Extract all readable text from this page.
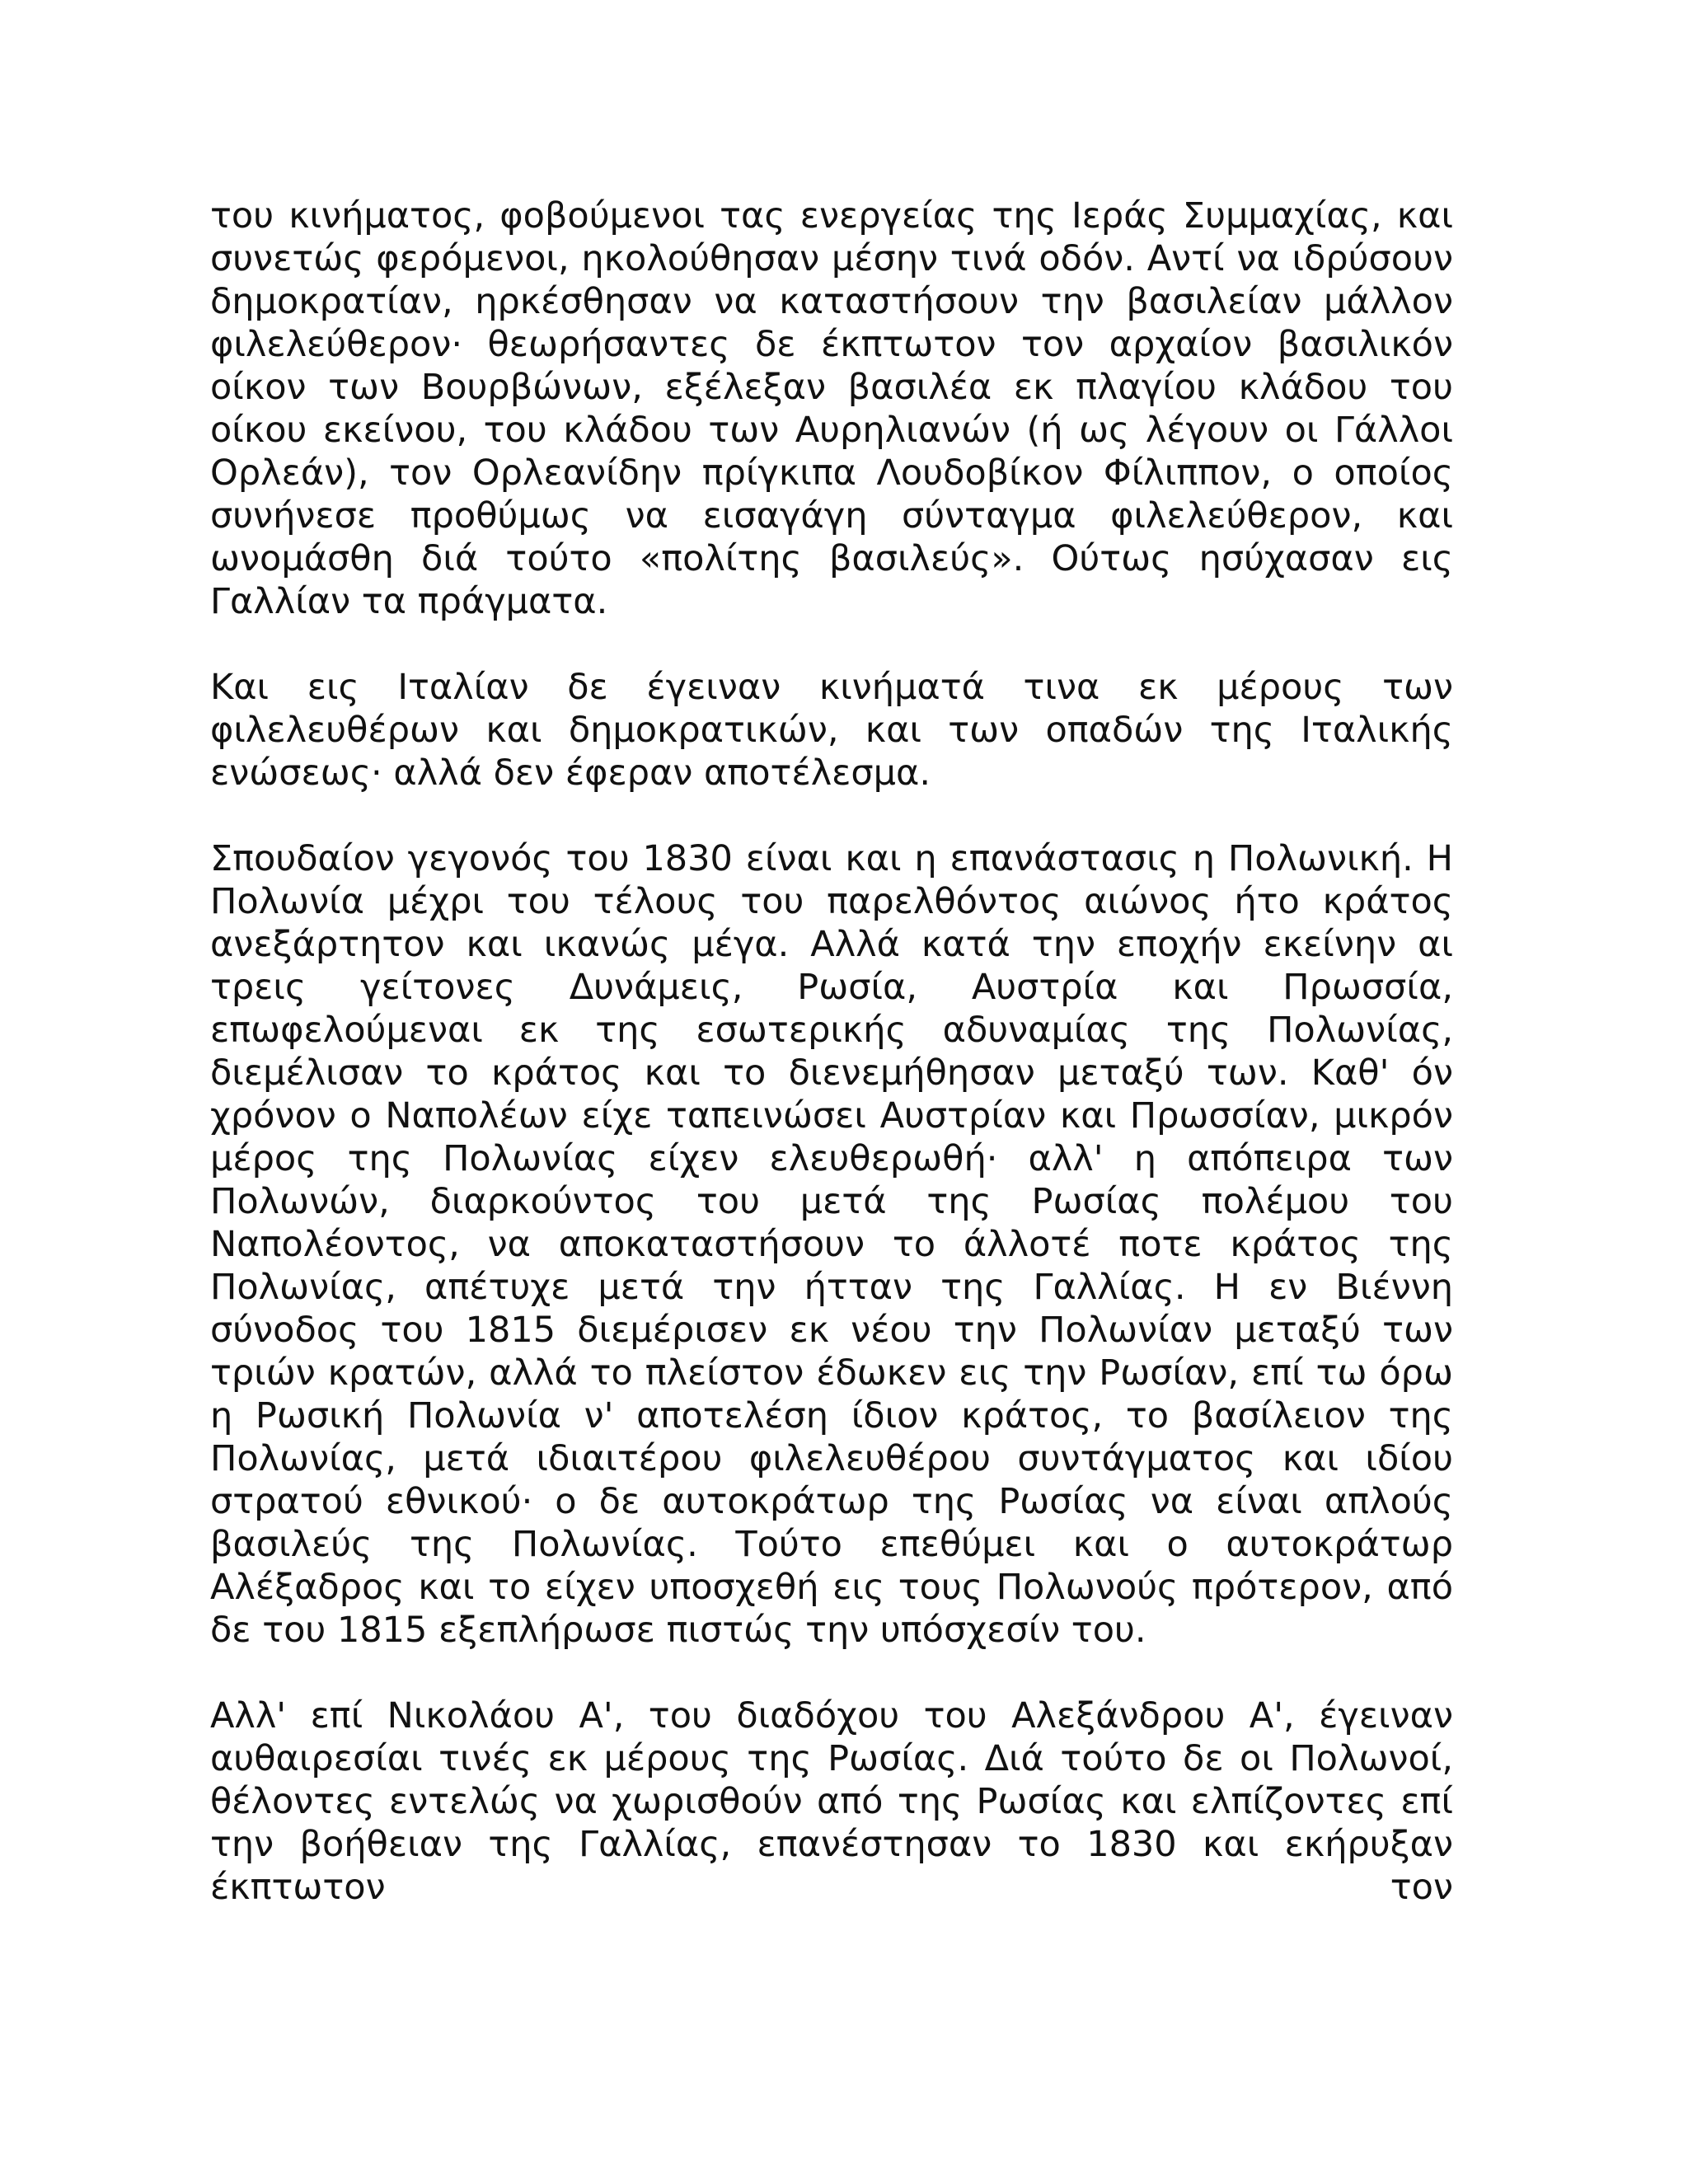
του κινήματος, φοβούμενοι τας ενεργείας της Ιεράς Συμμαχίας, και συνετώς φερόμενοι, ηκολούθησαν μέσην τινά οδόν. Αντί να ιδρύσουν δημοκρατίαν, ηρκέσθησαν να καταστήσουν την βασιλείαν μάλλον φιλελεύθερον· θεωρήσαντες δε έκπτωτον τον αρχαίον βασιλικόν οίκον των Βουρβώνων, εξέλεξαν βασιλέα εκ πλαγίου κλάδου του οίκου εκείνου, του κλάδου των Αυρηλιανών (ή ως λέγουν οι Γάλλοι Ορλεάν), τον Ορλεανίδην πρίγκιπα Λουδοβίκον Φίλιππον, ο οποίος συνήνεσε προθύμως να εισαγάγη σύνταγμα φιλελεύθερον, και ωνομάσθη διά τούτο «πολίτης βασιλεύς». Ούτως ησύχασαν εις Γαλλίαν τα πράγματα.

Και εις Ιταλίαν δε έγειναν κινήματά τινα εκ μέρους των φιλελευθέρων και δημοκρατικών, και των οπαδών της Ιταλικής ενώσεως· αλλά δεν έφεραν αποτέλεσμα.

Σπουδαίον γεγονός του 1830 είναι και η επανάστασις η Πολωνική. Η Πολωνία μέχρι του τέλους του παρελθόντος αιώνος ήτο κράτος ανεξάρτητον και ικανώς μέγα. Αλλά κατά την εποχήν εκείνην αι τρεις γείτονες Δυνάμεις, Ρωσία, Αυστρία και Πρωσσία, επωφελούμεναι εκ της εσωτερικής αδυναμίας της Πολωνίας, διεμέλισαν το κράτος και το διενεμήθησαν μεταξύ των. Καθ' όν χρόνον ο Ναπολέων είχε ταπεινώσει Αυστρίαν και Πρωσσίαν, μικρόν μέρος της Πολωνίας είχεν ελευθερωθή· αλλ' η απόπειρα των Πολωνών, διαρκούντος του μετά της Ρωσίας πολέμου του Ναπολέοντος, να αποκαταστήσουν το άλλοτέ ποτε κράτος της Πολωνίας, απέτυχε μετά την ήτταν της Γαλλίας. Η εν Βιέννη σύνοδος του 1815 διεμέρισεν εκ νέου την Πολωνίαν μεταξύ των τριών κρατών, αλλά το πλείστον έδωκεν εις την Ρωσίαν, επί τω όρω η Ρωσική Πολωνία ν' αποτελέση ίδιον κράτος, το βασίλειον της Πολωνίας, μετά ιδιαιτέρου φιλελευθέρου συντάγματος και ιδίου στρατού εθνικού· ο δε αυτοκράτωρ της Ρωσίας να είναι απλούς βασιλεύς της Πολωνίας. Τούτο επεθύμει και ο αυτοκράτωρ Αλέξαδρος και το είχεν υποσχεθή εις τους Πολωνούς πρότερον, από δε του 1815 εξεπλήρωσε πιστώς την υπόσχεσίν του.

Αλλ' επί Νικολάου Α', του διαδόχου του Αλεξάνδρου Α', έγειναν αυθαιρεσίαι τινές εκ μέρους της Ρωσίας. Διά τούτο δε οι Πολωνοί, θέλοντες εντελώς να χωρισθούν από της Ρωσίας και ελπίζοντες επί την βοήθειαν της Γαλλίας, επανέστησαν το 1830 και εκήρυξαν έκπτωτον τον
